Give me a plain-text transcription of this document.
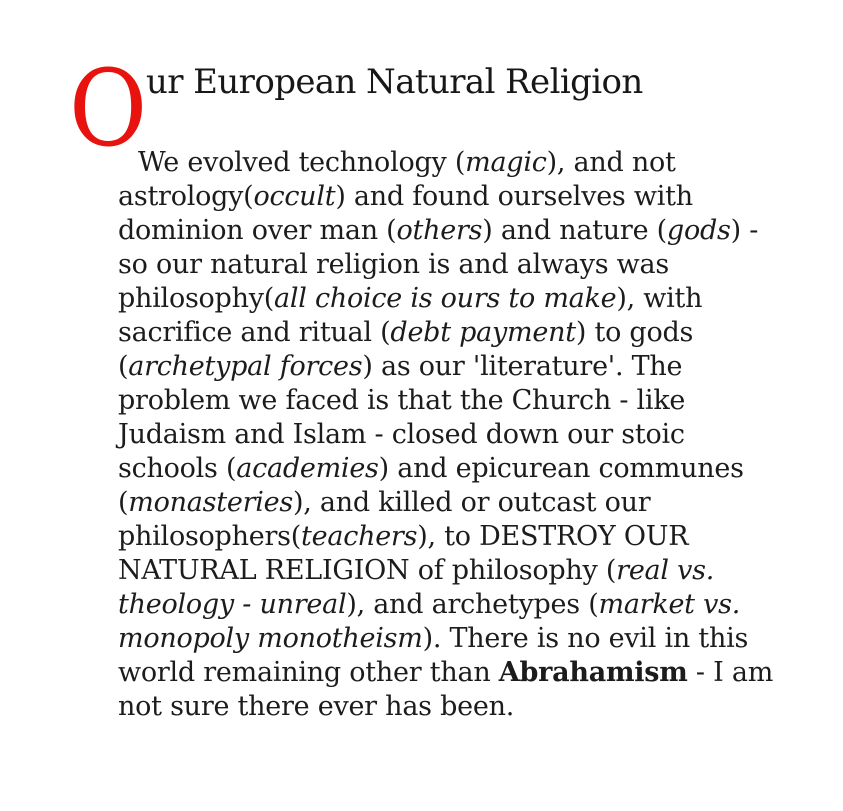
O
ur European Natural Religion
We evolved technology (magic), and not
astrology(occult) and found ourselves with
dominion over man (others) and nature (gods) -
so our natural religion is and always was
philosophy(all choice is ours to make), with
sacrifice and ritual (debt payment) to gods
(archetypal forces) as our 'literature'. The
problem we faced is that the Church - like
Judaism and Islam - closed down our stoic
schools (academies) and epicurean communes
(monasteries), and killed or outcast our
philosophers(teachers), to DESTROY OUR
NATURAL RELIGION of philosophy (real vs.
theology - unreal), and archetypes (market vs.
monopoly monotheism). There is no evil in this
world remaining other than Abrahamism - I am
not sure there ever has been.
